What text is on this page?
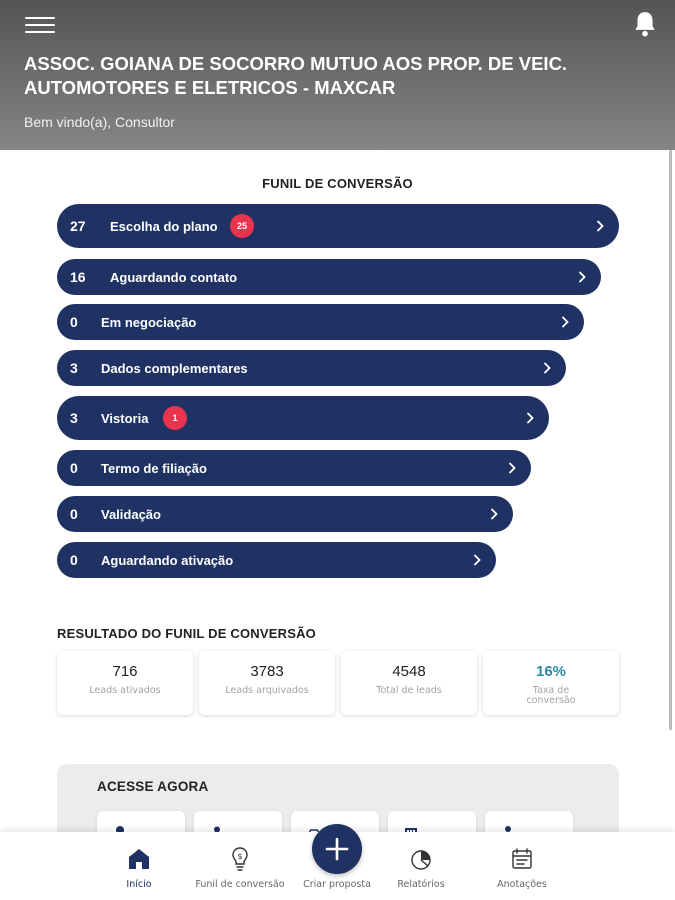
ASSOC. GOIANA DE SOCORRO MUTUO AOS PROP. DE VEIC. AUTOMOTORES E ELETRICOS - MAXCAR
Bem vindo(a), Consultor
FUNIL DE CONVERSÃO
27 Escolha do plano	25
16 Aguardando contato
0 Em negociação
3 Dados complementares
3 Vistoria	1
0 Termo de filiação
0 Validação
0 Aguardando ativação
RESULTADO DO FUNIL DE CONVERSÃO
716
Leads ativados
3783
Leads arquivados
4548
Total de leads
16%
Taxa de conversão
ACESSE AGORA
Início
$
Funil de conversão	Relatórios	Anotações
Criar proposta
